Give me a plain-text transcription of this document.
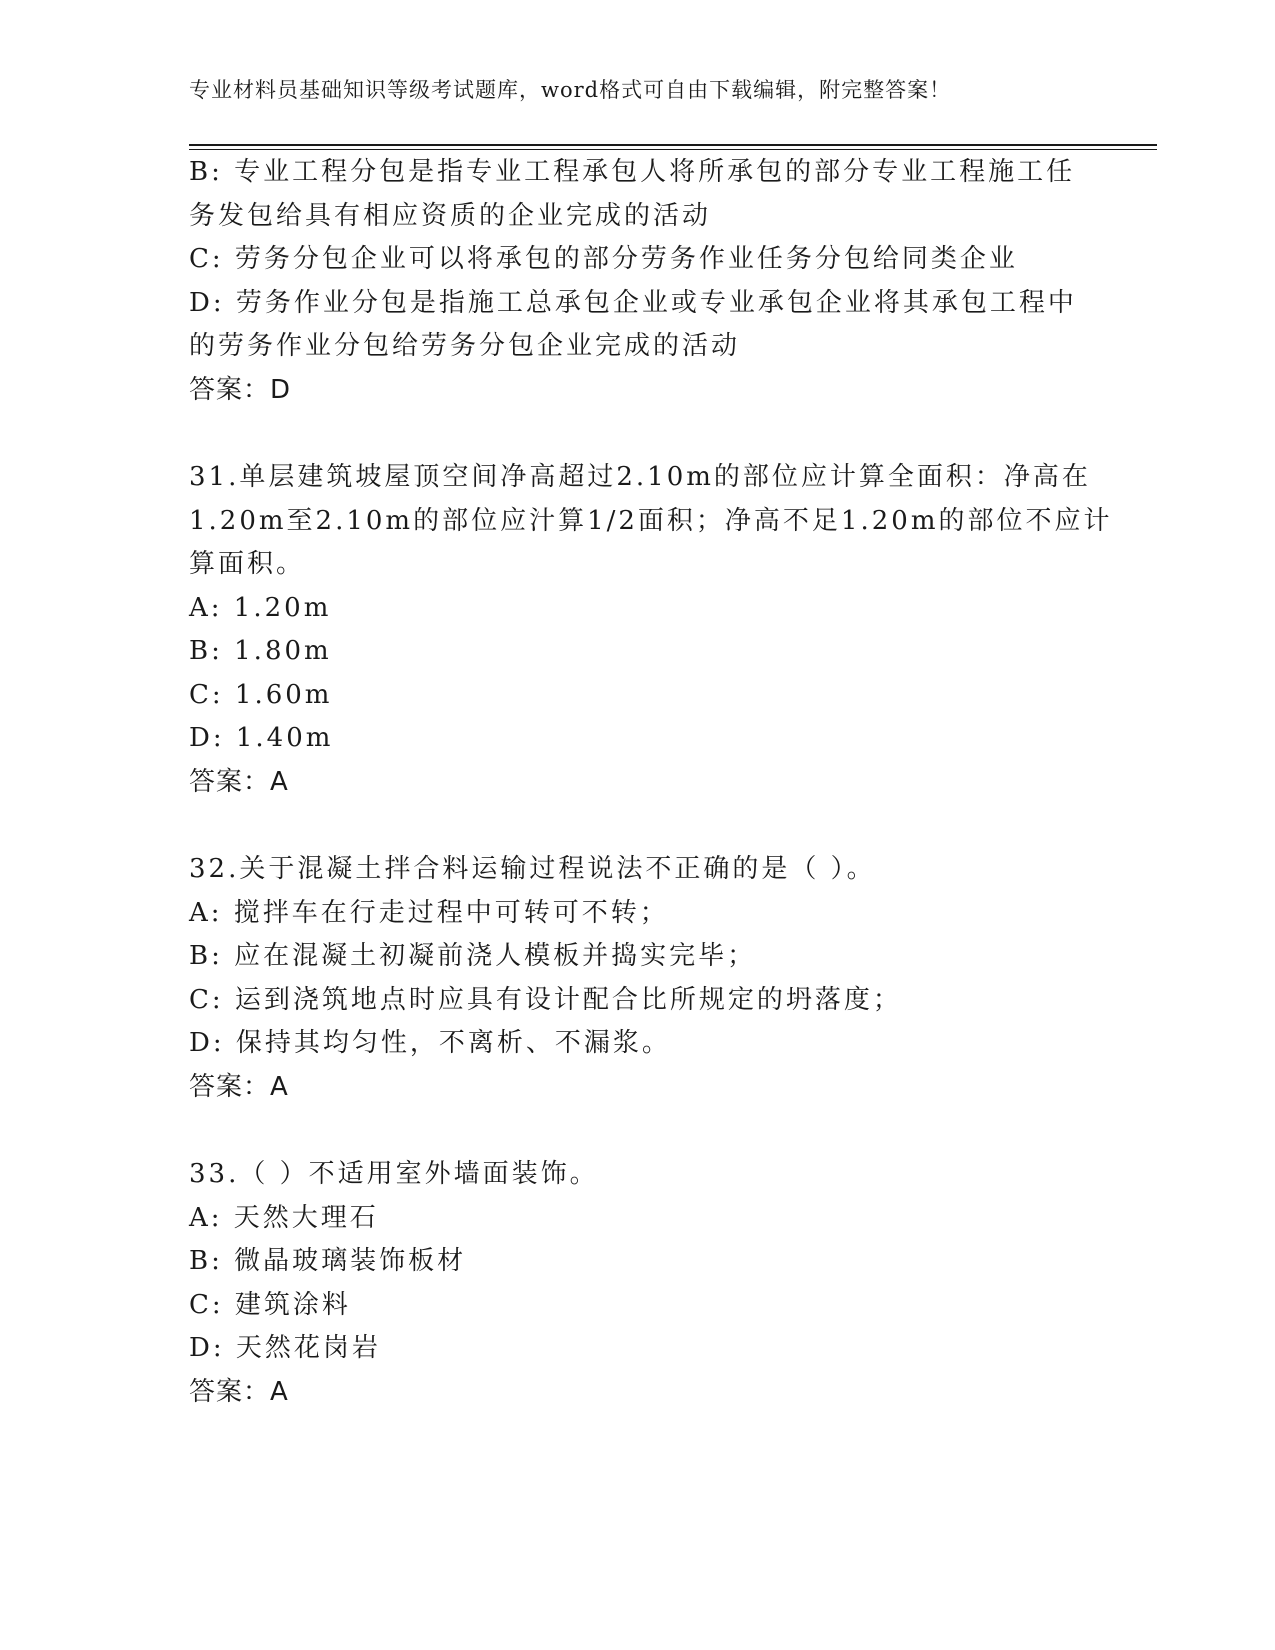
专业材料员基础知识等级考试题库，word格式可自由下载编辑，附完整答案！
B: 专业工程分包是指专业工程承包人将所承包的部分专业工程施工任
务发包给具有相应资质的企业完成的活动
C: 劳务分包企业可以将承包的部分劳务作业任务分包给同类企业
D: 劳务作业分包是指施工总承包企业或专业承包企业将其承包工程中
的劳务作业分包给劳务分包企业完成的活动
答案：D
31.单层建筑坡屋顶空间净高超过2.10m的部位应计算全面积：净高在
1.20m至2.10m的部位应汁算1/2面积；净高不足1.20m的部位不应计
算面积。
A: 1.20m
B: 1.80m
C: 1.60m
D: 1.40m
答案：A
32.关于混凝土拌合料运输过程说法不正确的是（ ）。
A: 搅拌车在行走过程中可转可不转；
B: 应在混凝土初凝前浇人模板并捣实完毕；
C: 运到浇筑地点时应具有设计配合比所规定的坍落度；
D: 保持其均匀性，不离析、不漏浆。
答案：A
33.（ ）不适用室外墙面装饰。
A: 天然大理石
B: 微晶玻璃装饰板材
C: 建筑涂料
D: 天然花岗岩
答案：A
